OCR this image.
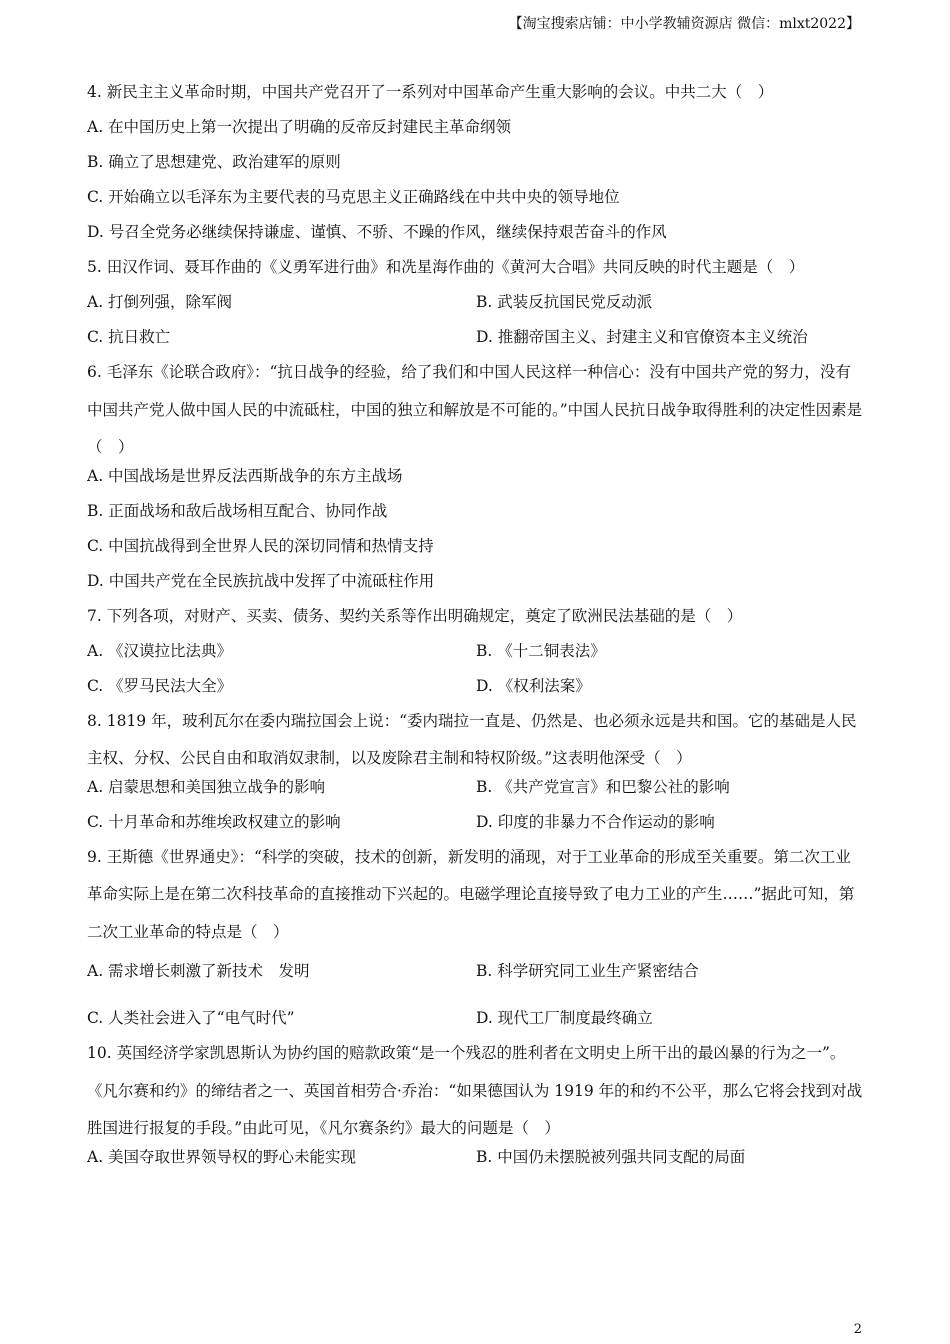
【淘宝搜索店铺：中小学教辅资源店 微信：mlxt2022】
4. 新民主主义革命时期，中国共产党召开了一系列对中国革命产生重大影响的会议。中共二大（　）
A. 在中国历史上第一次提出了明确的反帝反封建民主革命纲领
B. 确立了思想建党、政治建军的原则
C. 开始确立以毛泽东为主要代表的马克思主义正确路线在中共中央的领导地位
D. 号召全党务必继续保持谦虚、谨慎、不骄、不躁的作风，继续保持艰苦奋斗的作风
5. 田汉作词、聂耳作曲的《义勇军进行曲》和冼星海作曲的《黄河大合唱》共同反映的时代主题是（　）
A. 打倒列强，除军阀	B. 武装反抗国民党反动派
C. 抗日救亡	D. 推翻帝国主义、封建主义和官僚资本主义统治
6. 毛泽东《论联合政府》：“抗日战争的经验，给了我们和中国人民这样一种信心：没有中国共产党的努力，没有中国共产党人做中国人民的中流砥柱，中国的独立和解放是不可能的。”中国人民抗日战争取得胜利的决定性因素是（　）
A. 中国战场是世界反法西斯战争的东方主战场
B. 正面战场和敌后战场相互配合、协同作战
C. 中国抗战得到全世界人民的深切同情和热情支持
D. 中国共产党在全民族抗战中发挥了中流砥柱作用
7. 下列各项，对财产、买卖、债务、契约关系等作出明确规定，奠定了欧洲民法基础的是（　）
A. 《汉谟拉比法典》	B. 《十二铜表法》
C. 《罗马民法大全》	D. 《权利法案》
8. 1819 年，玻利瓦尔在委内瑞拉国会上说：“委内瑞拉一直是、仍然是、也必须永远是共和国。它的基础是人民主权、分权、公民自由和取消奴隶制，以及废除君主制和特权阶级。”这表明他深受（　）
A. 启蒙思想和美国独立战争的影响	B. 《共产党宣言》和巴黎公社的影响
C. 十月革命和苏维埃政权建立的影响	D. 印度的非暴力不合作运动的影响
9. 王斯德《世界通史》：“科学的突破，技术的创新，新发明的涌现，对于工业革命的形成至关重要。第二次工业革命实际上是在第二次科技革命的直接推动下兴起的。电磁学理论直接导致了电力工业的产生……”据此可知，第二次工业革命的特点是（　）
A. 需求增长刺激了新技术　发明	B. 科学研究同工业生产紧密结合
C. 人类社会进入了“电气时代”	D. 现代工厂制度最终确立
10. 英国经济学家凯恩斯认为协约国的赔款政策“是一个残忍的胜利者在文明史上所干出的最凶暴的行为之一”。《凡尔赛和约》的缔结者之一、英国首相劳合·乔治：“如果德国认为 1919 年的和约不公平，那么它将会找到对战胜国进行报复的手段。”由此可见，《凡尔赛条约》最大的问题是（　）
A. 美国夺取世界领导权的野心未能实现	B. 中国仍未摆脱被列强共同支配的局面
2
